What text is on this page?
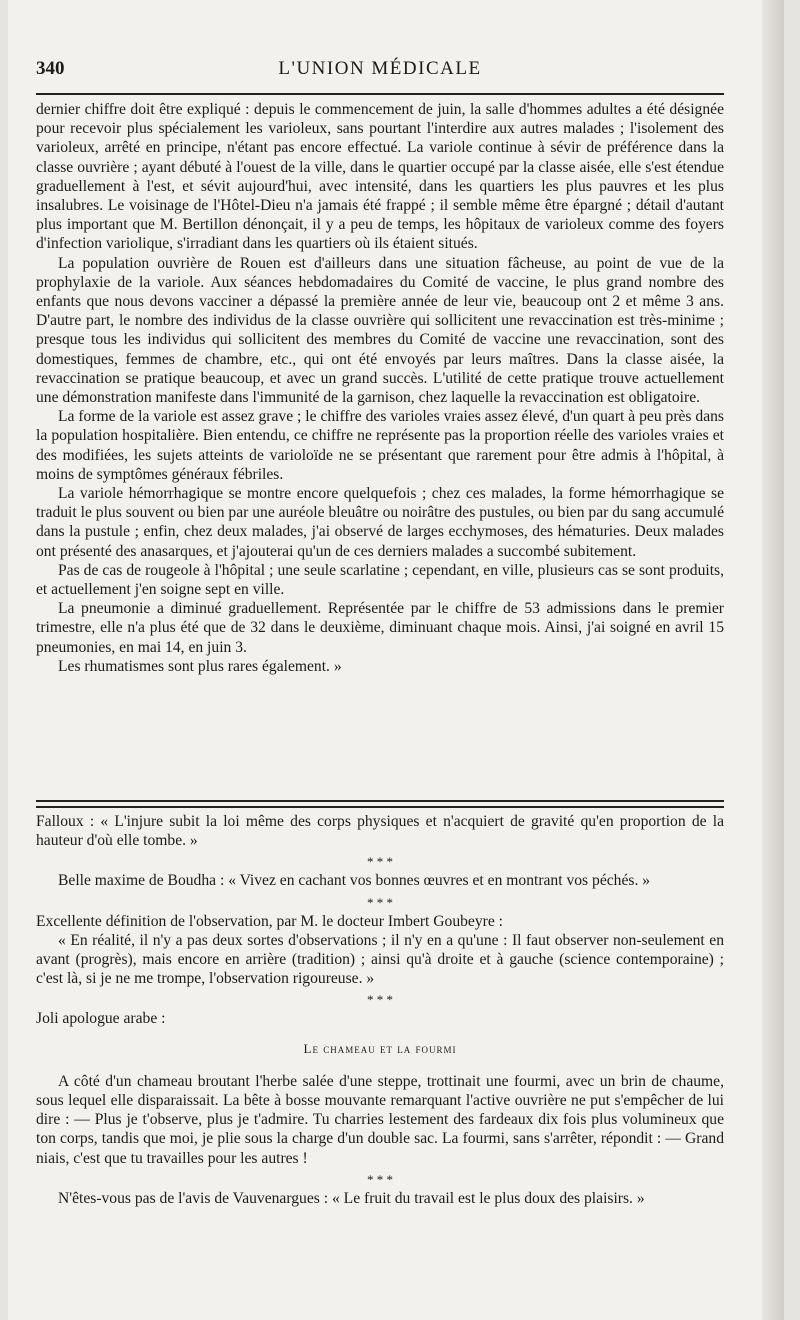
340	L'UNION MÉDICALE

dernier chiffre doit être expliqué : depuis le commencement de juin, la salle d'hommes adultes a été désignée pour recevoir plus spécialement les varioleux, sans pourtant l'interdire aux autres malades ; l'isolement des varioleux, arrêté en principe, n'étant pas encore effectué. La variole continue à sévir de préférence dans la classe ouvrière ; ayant débuté à l'ouest de la ville, dans le quartier occupé par la classe aisée, elle s'est étendue graduellement à l'est, et sévit aujourd'hui, avec intensité, dans les quartiers les plus pauvres et les plus insalubres. Le voisinage de l'Hôtel-Dieu n'a jamais été frappé ; il semble même être épargné ; détail d'autant plus important que M. Bertillon dénonçait, il y a peu de temps, les hôpitaux de varioleux comme des foyers d'infection variolique, s'irradiant dans les quartiers où ils étaient situés.

La population ouvrière de Rouen est d'ailleurs dans une situation fâcheuse, au point de vue de la prophylaxie de la variole. Aux séances hebdomadaires du Comité de vaccine, le plus grand nombre des enfants que nous devons vacciner a dépassé la première année de leur vie, beaucoup ont 2 et même 3 ans. D'autre part, le nombre des individus de la classe ouvrière qui sollicitent une revaccination est très-minime ; presque tous les individus qui sollicitent des membres du Comité de vaccine une revaccination, sont des domestiques, femmes de chambre, etc., qui ont été envoyés par leurs maîtres. Dans la classe aisée, la revaccination se pratique beaucoup, et avec un grand succès. L'utilité de cette pratique trouve actuellement une démonstration manifeste dans l'immunité de la garnison, chez laquelle la revaccination est obligatoire.

La forme de la variole est assez grave ; le chiffre des varioles vraies assez élevé, d'un quart à peu près dans la population hospitalière. Bien entendu, ce chiffre ne représente pas la proportion réelle des varioles vraies et des modifiées, les sujets atteints de varioloïde ne se présentant que rarement pour être admis à l'hôpital, à moins de symptômes généraux fébriles.

La variole hémorrhagique se montre encore quelquefois ; chez ces malades, la forme hémorrhagique se traduit le plus souvent ou bien par une auréole bleuâtre ou noirâtre des pustules, ou bien par du sang accumulé dans la pustule ; enfin, chez deux malades, j'ai observé de larges ecchymoses, des hématuries. Deux malades ont présenté des anasarques, et j'ajouterai qu'un de ces derniers malades a succombé subitement.

Pas de cas de rougeole à l'hôpital ; une seule scarlatine ; cependant, en ville, plusieurs cas se sont produits, et actuellement j'en soigne sept en ville.

La pneumonie a diminué graduellement. Représentée par le chiffre de 53 admissions dans le premier trimestre, elle n'a plus été que de 32 dans le deuxième, diminuant chaque mois. Ainsi, j'ai soigné en avril 15 pneumonies, en mai 14, en juin 3.

Les rhumatismes sont plus rares également. »

Falloux : « L'injure subit la loi même des corps physiques et n'acquiert de gravité qu'en proportion de la hauteur d'où elle tombe. »

* * *

Belle maxime de Boudha : « Vivez en cachant vos bonnes œuvres et en montrant vos péchés. »

* * *

Excellente définition de l'observation, par M. le docteur Imbert Goubeyre :

« En réalité, il n'y a pas deux sortes d'observations ; il n'y en a qu'une : Il faut observer non-seulement en avant (progrès), mais encore en arrière (tradition) ; ainsi qu'à droite et à gauche (science contemporaine) ; c'est là, si je ne me trompe, l'observation rigoureuse. »

* * *

Joli apologue arabe :

Le chameau et la fourmi

A côté d'un chameau broutant l'herbe salée d'une steppe, trottinait une fourmi, avec un brin de chaume, sous lequel elle disparaissait. La bête à bosse mouvante remarquant l'active ouvrière ne put s'empêcher de lui dire : — Plus je t'observe, plus je t'admire. Tu charries lestement des fardeaux dix fois plus volumineux que ton corps, tandis que moi, je plie sous la charge d'un double sac. La fourmi, sans s'arrêter, répondit : — Grand niais, c'est que tu travailles pour les autres !

* * *

N'êtes-vous pas de l'avis de Vauvenargues : « Le fruit du travail est le plus doux des plaisirs. »
